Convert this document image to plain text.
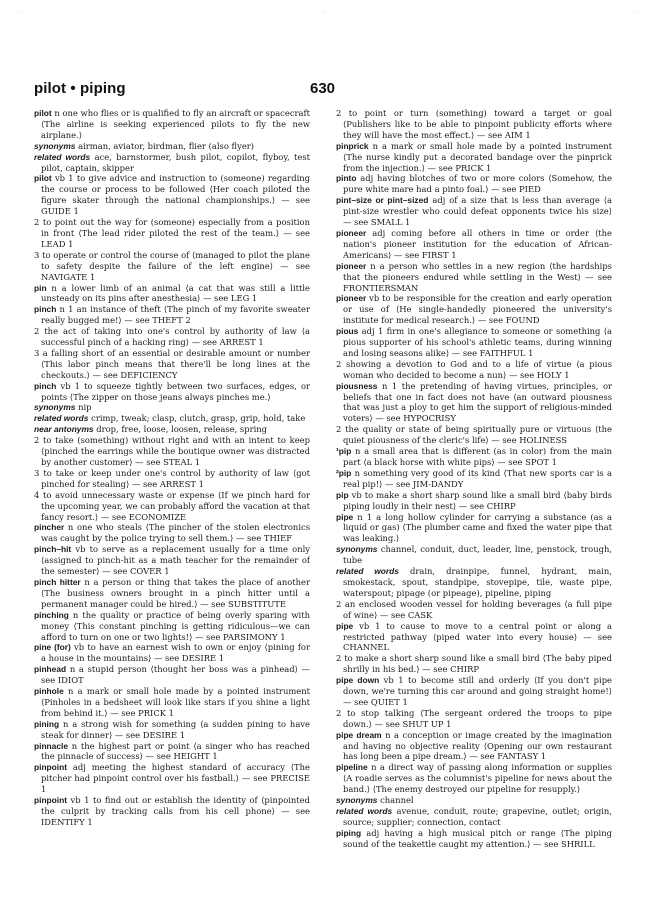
.	.	.
pilot • piping	630

pilot n one who flies or is qualified to fly an aircraft or spacecraft ⟨The airline is seeking experienced pilots to fly the new airplane.⟩

synonyms airman, aviator, birdman, flier (also flyer)

related words ace, barnstormer, bush pilot, copilot, flyboy, test pilot, captain, skipper

pilot vb 1 to give advice and instruction to (someone) regarding the course or process to be followed ⟨Her coach piloted the figure skater through the national championships.⟩ — see GUIDE 1

2 to point out the way for (someone) especially from a position in front ⟨The lead rider piloted the rest of the team.⟩ — see LEAD 1

3 to operate or control the course of ⟨managed to pilot the plane to safety despite the failure of the left engine⟩ — see NAVIGATE 1

pin n a lower limb of an animal ⟨a cat that was still a little unsteady on its pins after anesthesia⟩ — see LEG 1

pinch n 1 an instance of theft ⟨The pinch of my favorite sweater really bugged me!⟩ — see THEFT 2

2 the act of taking into one's control by authority of law ⟨a successful pinch of a hacking ring⟩ — see ARREST 1

3 a falling short of an essential or desirable amount or number ⟨This labor pinch means that there'll be long lines at the checkouts.⟩ — see DEFICIENCY

pinch vb 1 to squeeze tightly between two surfaces, edges, or points ⟨The zipper on those jeans always pinches me.⟩

synonyms nip

related words crimp, tweak; clasp, clutch, grasp, grip, hold, take

near antonyms drop, free, loose, loosen, release, spring

2 to take (something) without right and with an intent to keep ⟨pinched the earrings while the boutique owner was distracted by another customer⟩ — see STEAL 1

3 to take or keep under one's control by authority of law ⟨got pinched for stealing⟩ — see ARREST 1

4 to avoid unnecessary waste or expense ⟨If we pinch hard for the upcoming year, we can probably afford the vacation at that fancy resort.⟩ — see ECONOMIZE

pincher n one who steals ⟨The pincher of the stolen electronics was caught by the police trying to sell them.⟩ — see THIEF

pinch–hit vb to serve as a replacement usually for a time only ⟨assigned to pinch-hit as a math teacher for the remainder of the semester⟩ — see COVER 1

pinch hitter n a person or thing that takes the place of another ⟨The business owners brought in a pinch hitter until a permanent manager could be hired.⟩ — see SUBSTITUTE

pinching n the quality or practice of being overly sparing with money ⟨This constant pinching is getting ridiculous—we can afford to turn on one or two lights!⟩ — see PARSIMONY 1

pine (for) vb to have an earnest wish to own or enjoy ⟨pining for a house in the mountains⟩ — see DESIRE 1

pinhead n a stupid person ⟨thought her boss was a pinhead⟩ — see IDIOT

pinhole n a mark or small hole made by a pointed instrument ⟨Pinholes in a bedsheet will look like stars if you shine a light from behind it.⟩ — see PRICK 1

pining n a strong wish for something ⟨a sudden pining to have steak for dinner⟩ — see DESIRE 1

pinnacle n the highest part or point ⟨a singer who has reached the pinnacle of success⟩ — see HEIGHT 1

pinpoint adj meeting the highest standard of accuracy ⟨The pitcher had pinpoint control over his fastball.⟩ — see PRECISE 1

pinpoint vb 1 to find out or establish the identity of ⟨pinpointed the culprit by tracking calls from his cell phone⟩ — see IDENTIFY 1

2 to point or turn (something) toward a target or goal ⟨Publishers like to be able to pinpoint publicity efforts where they will have the most effect.⟩ — see AIM 1

pinprick n a mark or small hole made by a pointed instrument ⟨The nurse kindly put a decorated bandage over the pinprick from the injection.⟩ — see PRICK 1

pinto adj having blotches of two or more colors ⟨Somehow, the pure white mare had a pinto foal.⟩ — see PIED

pint–size or pint–sized adj of a size that is less than average ⟨a pint-size wrestler who could defeat opponents twice his size⟩ — see SMALL 1

pioneer adj coming before all others in time or order ⟨the nation's pioneer institution for the education of African-Americans⟩ — see FIRST 1

pioneer n a person who settles in a new region ⟨the hardships that the pioneers endured while settling in the West⟩ — see FRONTIERSMAN

pioneer vb to be responsible for the creation and early operation or use of ⟨He single-handedly pioneered the university's institute for medical research.⟩ — see FOUND

pious adj 1 firm in one's allegiance to someone or something ⟨a pious supporter of his school's athletic teams, during winning and losing seasons alike⟩ — see FAITHFUL 1

2 showing a devotion to God and to a life of virtue ⟨a pious woman who decided to become a nun⟩ — see HOLY 1

piousness n 1 the pretending of having virtues, principles, or beliefs that one in fact does not have ⟨an outward piousness that was just a ploy to get him the support of religious-minded voters⟩ — see HYPOCRISY

2 the quality or state of being spiritually pure or virtuous ⟨the quiet piousness of the cleric's life⟩ — see HOLINESS

¹pip n a small area that is different (as in color) from the main part ⟨a black horse with white pips⟩ — see SPOT 1

²pip n something very good of its kind ⟨That new sports car is a real pip!⟩ — see JIM-DANDY

pip vb to make a short sharp sound like a small bird ⟨baby birds piping loudly in their nest⟩ — see CHIRP

pipe n 1 a long hollow cylinder for carrying a substance (as a liquid or gas) ⟨The plumber came and fixed the water pipe that was leaking.⟩

synonyms channel, conduit, duct, leader, line, penstock, trough, tube

related words drain, drainpipe, funnel, hydrant, main, smokestack, spout, standpipe, stovepipe, tile, waste pipe, waterspout; pipage (or pipeage), pipeline, piping

2 an enclosed wooden vessel for holding beverages ⟨a full pipe of wine⟩ — see CASK

pipe vb 1 to cause to move to a central point or along a restricted pathway ⟨piped water into every house⟩ — see CHANNEL

2 to make a short sharp sound like a small bird ⟨The baby piped shrilly in his bed.⟩ — see CHIRP

pipe down vb 1 to become still and orderly ⟨If you don't pipe down, we're turning this car around and going straight home!⟩ — see QUIET 1

2 to stop talking ⟨The sergeant ordered the troops to pipe down.⟩ — see SHUT UP 1

pipe dream n a conception or image created by the imagination and having no objective reality ⟨Opening our own restaurant has long been a pipe dream.⟩ — see FANTASY 1

pipeline n a direct way of passing along information or supplies ⟨A roadie serves as the columnist's pipeline for news about the band.⟩ ⟨The enemy destroyed our pipeline for resupply.⟩

synonyms channel

related words avenue, conduit, route; grapevine, outlet; origin, source; supplier; connection, contact

piping adj having a high musical pitch or range ⟨The piping sound of the teakettle caught my attention.⟩ — see SHRILL
